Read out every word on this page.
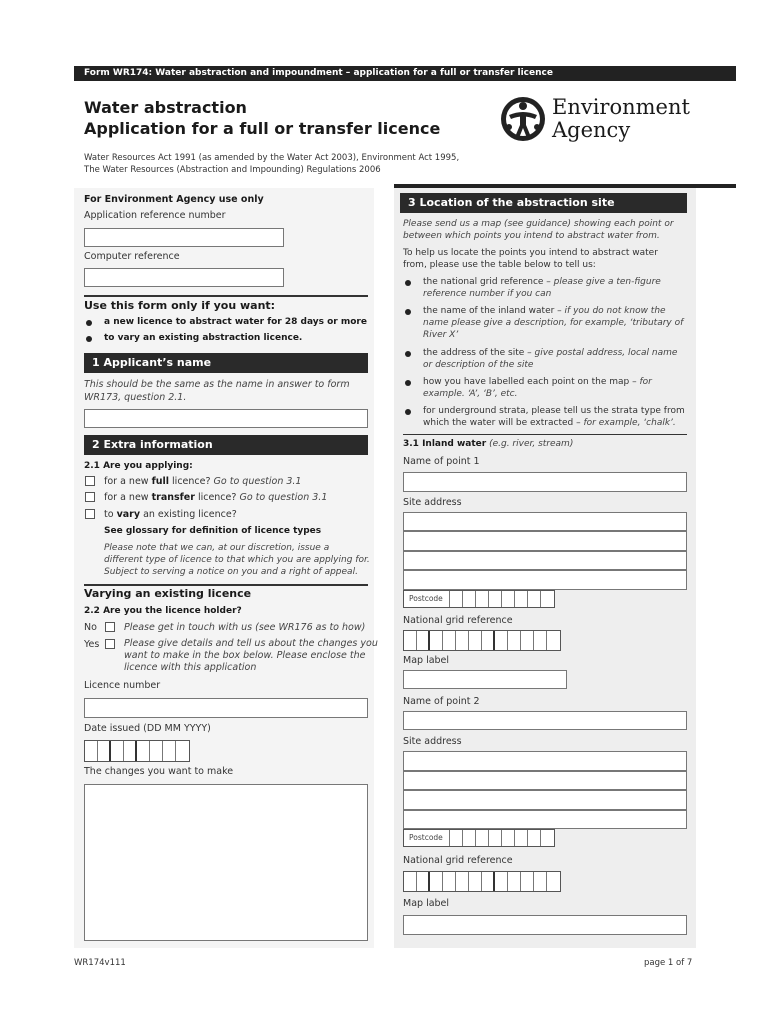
Form WR174: Water abstraction and impoundment – application for a full or transfer licence
Water abstraction
Application for a full or transfer licence
Water Resources Act 1991 (as amended by the Water Act 2003), Environment Act 1995,
The Water Resources (Abstraction and Impounding) Regulations 2006
Environment
Agency
For Environment Agency use only
Application reference number
Computer reference
Use this form only if you want:
a new licence to abstract water for 28 days or more
to vary an existing abstraction licence.
1 Applicant’s name
This should be the same as the name in answer to form
WR173, question 2.1.
2 Extra information
2.1 Are you applying:
for a new full licence? Go to question 3.1
for a new transfer licence? Go to question 3.1
to vary an existing licence?
See glossary for definition of licence types
Please note that we can, at our discretion, issue a
different type of licence to that which you are applying for.
Subject to serving a notice on you and a right of appeal.
Varying an existing licence
2.2 Are you the licence holder?
No	Please get in touch with us (see WR176 as to how)
Yes	Please give details and tell us about the changes you
want to make in the box below. Please enclose the
licence with this application
Licence number
Date issued (DD MM YYYY)
The changes you want to make
3 Location of the abstraction site
Please send us a map (see guidance) showing each point or
between which points you intend to abstract water from.
To help us locate the points you intend to abstract water
from, please use the table below to tell us:
the national grid reference – please give a ten-figure
reference number if you can
the name of the inland water – if you do not know the
name please give a description, for example, ‘tributary of
River X’
the address of the site – give postal address, local name
or description of the site
how you have labelled each point on the map – for
example. ‘A’, ‘B’, etc.
for underground strata, please tell us the strata type from
which the water will be extracted – for example, ‘chalk’.
3.1 Inland water (e.g. river, stream)
Name of point 1
Site address
Postcode
National grid reference
Map label
Name of point 2
Site address
Postcode
National grid reference
Map label
WR174v111	page 1 of 7
